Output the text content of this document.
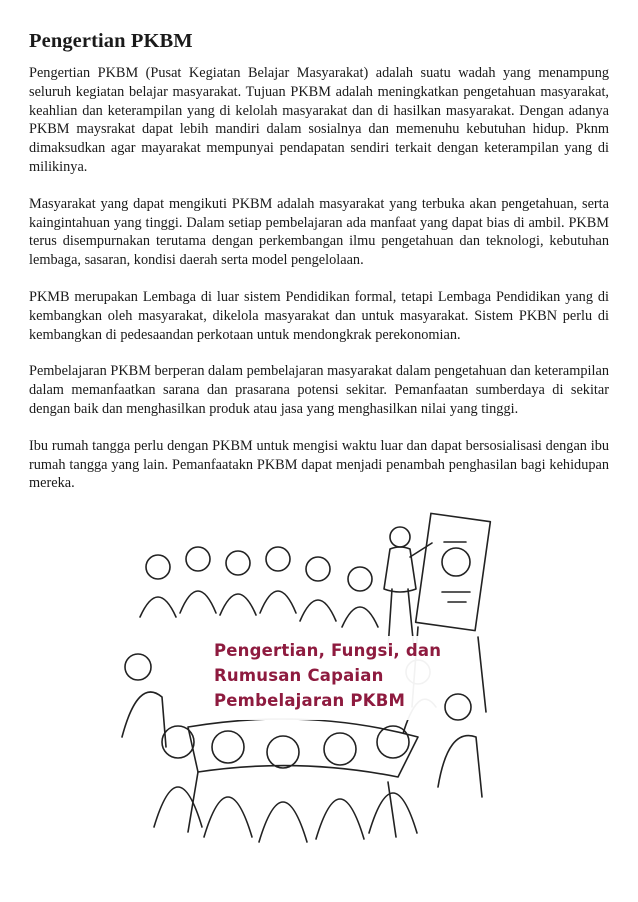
Pengertian PKBM

Pengertian PKBM (Pusat Kegiatan Belajar Masyarakat) adalah suatu wadah yang menampung seluruh kegiatan belajar masyarakat. Tujuan PKBM adalah meningkatkan pengetahuan masyarakat, keahlian dan keterampilan yang di kelolah masyarakat dan di hasilkan masyarakat. Dengan adanya PKBM maysrakat dapat lebih mandiri dalam sosialnya dan memenuhu kebutuhan hidup. Pknm dimaksudkan agar mayarakat mempunyai pendapatan sendiri terkait dengan keterampilan yang di milikinya.

Masyarakat yang dapat mengikuti PKBM adalah masyarakat yang terbuka akan pengetahuan, serta kaingintahuan yang tinggi. Dalam setiap pembelajaran ada manfaat yang dapat bias di ambil. PKBM terus disempurnakan terutama dengan perkembangan ilmu pengetahuan dan teknologi, kebutuhan lembaga, sasaran, kondisi daerah serta model pengelolaan.

PKMB merupakan Lembaga di luar sistem Pendidikan formal, tetapi Lembaga Pendidikan yang di kembangkan oleh masyarakat, dikelola masyarakat dan untuk masyarakat. Sistem PKBN perlu di kembangkan di pedesaandan perkotaan untuk mendongkrak perekonomian.

Pembelajaran PKBM berperan dalam pembelajaran masyarakat dalam pengetahuan dan keterampilan dalam memanfaatkan sarana dan prasarana potensi sekitar. Pemanfaatan sumberdaya di sekitar dengan baik dan menghasilkan produk atau jasa yang menghasilkan nilai yang tinggi.

Ibu rumah tangga perlu dengan PKBM untuk mengisi waktu luar dan dapat bersosialisasi dengan ibu rumah tangga yang lain. Pemanfaatakn PKBM dapat menjadi penambah penghasilan bagi kehidupan mereka.

Pengertian, Fungsi, dan
Rumusan Capaian
Pembelajaran PKBM
